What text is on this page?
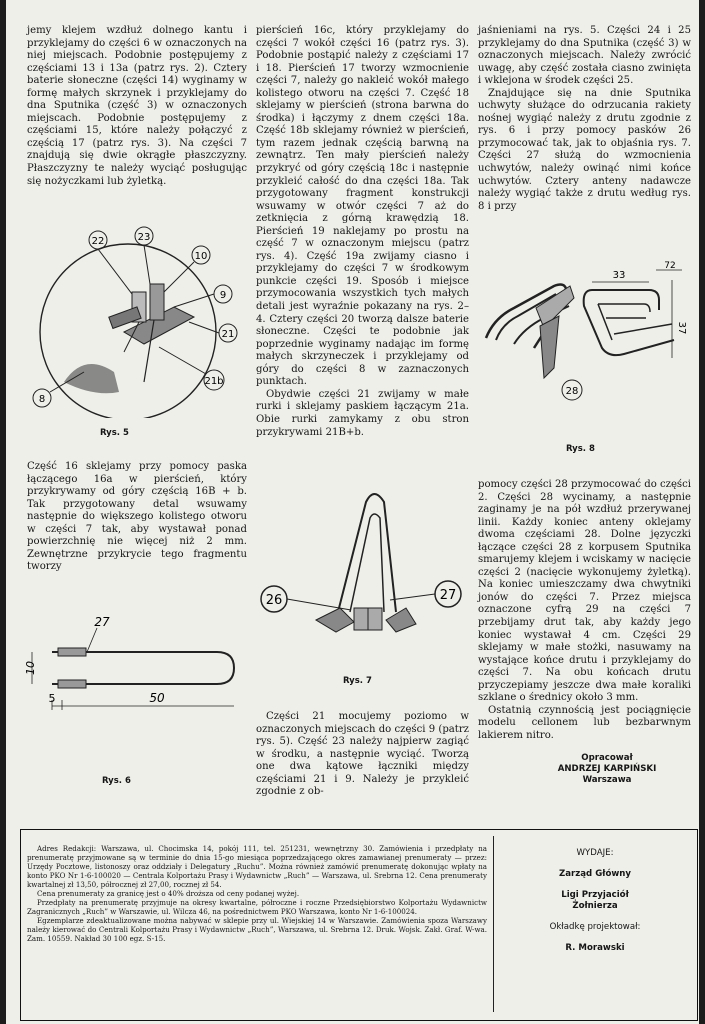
jemy klejem wzdłuż dolnego kantu i przyklejamy do części 6 w oznaczonych na niej miejscach. Podobnie postępujemy z częściami 13 i 13a (patrz rys. 2). Cztery baterie słoneczne (części 14) wyginamy w formę małych skrzynek i przyklejamy do dna Sputnika (część 3) w oznaczonych miejscach. Podobnie postępujemy z częściami 15, które należy połączyć z częścią 17 (patrz rys. 3). Na części 7 znajdują się dwie okrągłe płaszczyzny. Płaszczyzny te należy wyciąć posługując się nożyczkami lub żyletką.

22	23
10
9
21
21b
8
Rys. 5

pierścień 16c, który przyklejamy do części 7 wokół części 16 (patrz rys. 3). Podobnie postąpić należy z częściami 17 i 18. Pierścień 17 tworzy wzmocnienie części 7, należy go nakleić wokół małego kolistego otworu na części 7. Część 18 sklejamy w pierścień (strona barwna do środka) i łączymy z dnem części 18a. Część 18b sklejamy również w pierścień, tym razem jednak częścią barwną na zewnątrz. Ten mały pierścień należy przykryć od góry częścią 18c i następnie przykleić całość do dna części 18a. Tak przygotowany fragment konstrukcji wsuwamy w otwór części 7 aż do zetknięcia z górną krawędzią 18. Pierścień 19 naklejamy po prostu na część 7 w oznaczonym miejscu (patrz rys. 4). Część 19a zwijamy ciasno i przyklejamy do części 7 w środkowym punkcie części 19. Sposób i miejsce przymocowania wszystkich tych małych detali jest wyraźnie pokazany na rys. 2–4. Cztery części 20 tworzą dalsze baterie słoneczne. Części te podobnie jak poprzednie wyginamy nadając im formę małych skrzyneczek i przyklejamy od góry do części 8 w zaznaczonych punktach.

Obydwie części 21 zwijamy w małe rurki i sklejamy paskiem łączącym 21a. Obie rurki zamykamy z obu stron przykrywami 21B+b.

jaśnieniami na rys. 5. Części 24 i 25 przyklejamy do dna Sputnika (część 3) w oznaczonych miejscach. Należy zwrócić uwagę, aby część została ciasno zwinięta i wklejona w środek części 25.

Znajdujące się na dnie Sputnika uchwyty służące do odrzucania rakiety nośnej wygiąć należy z drutu zgodnie z rys. 6 i przy pomocy pasków 26 przymocować tak, jak to objaśnia rys. 7. Części 27 służą do wzmocnienia uchwytów, należy owinąć nimi końce uchwytów. Cztery anteny nadawcze należy wygiąć także z drutu według rys. 8 i przy

28
33
37
72
Rys. 8

Część 16 sklejamy przy pomocy paska łączącego 16a w pierścień, który przykrywamy od góry częścią 16B + b. Tak przygotowany detal wsuwamy następnie do większego kolistego otworu w części 7 tak, aby wystawał ponad powierzchnię nie więcej niż 2 mm. Zewnętrzne przykrycie tego fragmentu tworzy

27
10
5	50
Rys. 6
26	27
Rys. 7

Części 21 mocujemy poziomo w oznaczonych miejscach do części 9 (patrz rys. 5). Część 23 należy najpierw zagiąć w środku, a następnie wyciąć. Tworzą one dwa kątowe łączniki między częściami 21 i 9. Należy je przykleić zgodnie z ob-

pomocy części 28 przymocować do części 2. Części 28 wycinamy, a następnie zaginamy je na pół wzdłuż przerywanej linii. Każdy koniec anteny oklejamy dwoma częściami 28. Dolne języczki łączące części 28 z korpusem Sputnika smarujemy klejem i wciskamy w nacięcie części 2 (nacięcie wykonujemy żyletką). Na koniec umieszczamy dwa chwytniki jonów do części 7. Przez miejsca oznaczone cyfrą 29 na części 7 przebijamy drut tak, aby każdy jego koniec wystawał 4 cm. Części 29 sklejamy w małe stożki, nasuwamy na wystające końce drutu i przyklejamy do części 7. Na obu końcach drutu przyczepiamy jeszcze dwa małe koraliki szklane o średnicy około 3 mm.

Ostatnią czynnością jest pociągnięcie modelu cellonem lub bezbarwnym lakierem nitro.

Opracował
ANDRZEJ KARPIŃSKI
Warszawa

Adres Redakcji: Warszawa, ul. Chocimska 14, pokój 111, tel. 251231, wewnętrzny 30. Zamówienia i przedpłaty na prenumeratę przyjmowane są w terminie do dnia 15-go miesiąca poprzedzającego okres zamawianej prenumeraty — przez: Urzędy Pocztowe, listonoszy oraz oddziały i Delegatury „Ruchu”. Można również zamówić prenumeratę dokonując wpłaty na konto PKO Nr 1-6-100020 — Centrala Kolportażu Prasy i Wydawnictw „Ruch” — Warszawa, ul. Srebrna 12. Cena prenumeraty kwartalnej zł 13,50, półrocznej zł 27,00, rocznej zł 54.

Cena prenumeraty za granicę jest o 40% droższa od ceny podanej wyżej.

Przedpłaty na prenumeratę przyjmuje na okresy kwartalne, półroczne i roczne Przedsiębiorstwo Kolportażu Wydawnictw Zagranicznych „Ruch” w Warszawie, ul. Wilcza 46, na pośrednictwem PKO Warszawa, konto Nr 1-6-100024.

Egzemplarze zdeaktualizowane można nabywać w sklepie przy ul. Wiejskiej 14 w Warszawie. Zamówienia spoza Warszawy należy kierować do Centrali Kolportażu Prasy i Wydawnictw „Ruch”, Warszawa, ul. Srebrna 12. Druk. Wojsk. Zakł. Graf. W-wa. Zam. 10559. Nakład 30 100 egz. S-15.

WYDAJE:
Zarząd Główny
Ligi Przyjaciół
Żołnierza
Okładkę projektował:
R. Morawski
